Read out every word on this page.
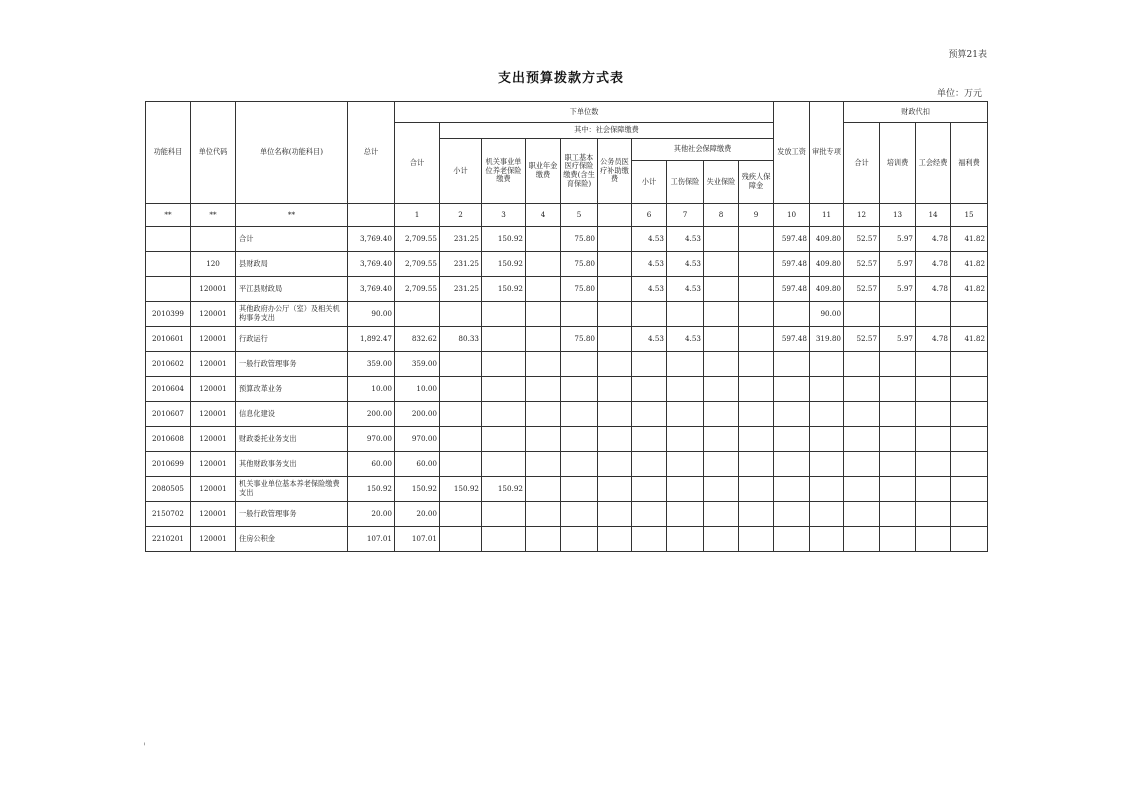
预算21表
支出预算拨款方式表
单位：万元
功能科目	单位代码	单位名称(功能科目)	总计	下单位数										发放工资	审批专项	财政代扣			
				合计	其中：社会保障缴费											合计	培训费	工会经费	福利费
					小计	机关事业单位养老保险缴费	职业年金缴费	职工基本医疗保险缴费(含生育保险)	公务员医疗补助缴费	其他社会保障缴费									
										小计	工伤保险	失业保险	残疾人保障金						
**	**	**		1	2	3	4	5		6	7	8	9	10	11	12	13	14	15
		合计	3,769.40	2,709.55	231.25	150.92		75.80		4.53	4.53			597.48	409.80	52.57	5.97	4.78	41.82
	120	县财政局	3,769.40	2,709.55	231.25	150.92		75.80		4.53	4.53			597.48	409.80	52.57	5.97	4.78	41.82
	120001	平江县财政局	3,769.40	2,709.55	231.25	150.92		75.80		4.53	4.53			597.48	409.80	52.57	5.97	4.78	41.82
2010399	120001	其他政府办公厅（室）及相关机构事务支出	90.00												90.00				
2010601	120001	行政运行	1,892.47	832.62	80.33			75.80		4.53	4.53			597.48	319.80	52.57	5.97	4.78	41.82
2010602	120001	一般行政管理事务	359.00	359.00															
2010604	120001	预算改革业务	10.00	10.00															
2010607	120001	信息化建设	200.00	200.00															
2010608	120001	财政委托业务支出	970.00	970.00															
2010699	120001	其他财政事务支出	60.00	60.00															
2080505	120001	机关事业单位基本养老保险缴费支出	150.92	150.92	150.92	150.92													
2150702	120001	一般行政管理事务	20.00	20.00															
2210201	120001	住房公积金	107.01	107.01															
'
